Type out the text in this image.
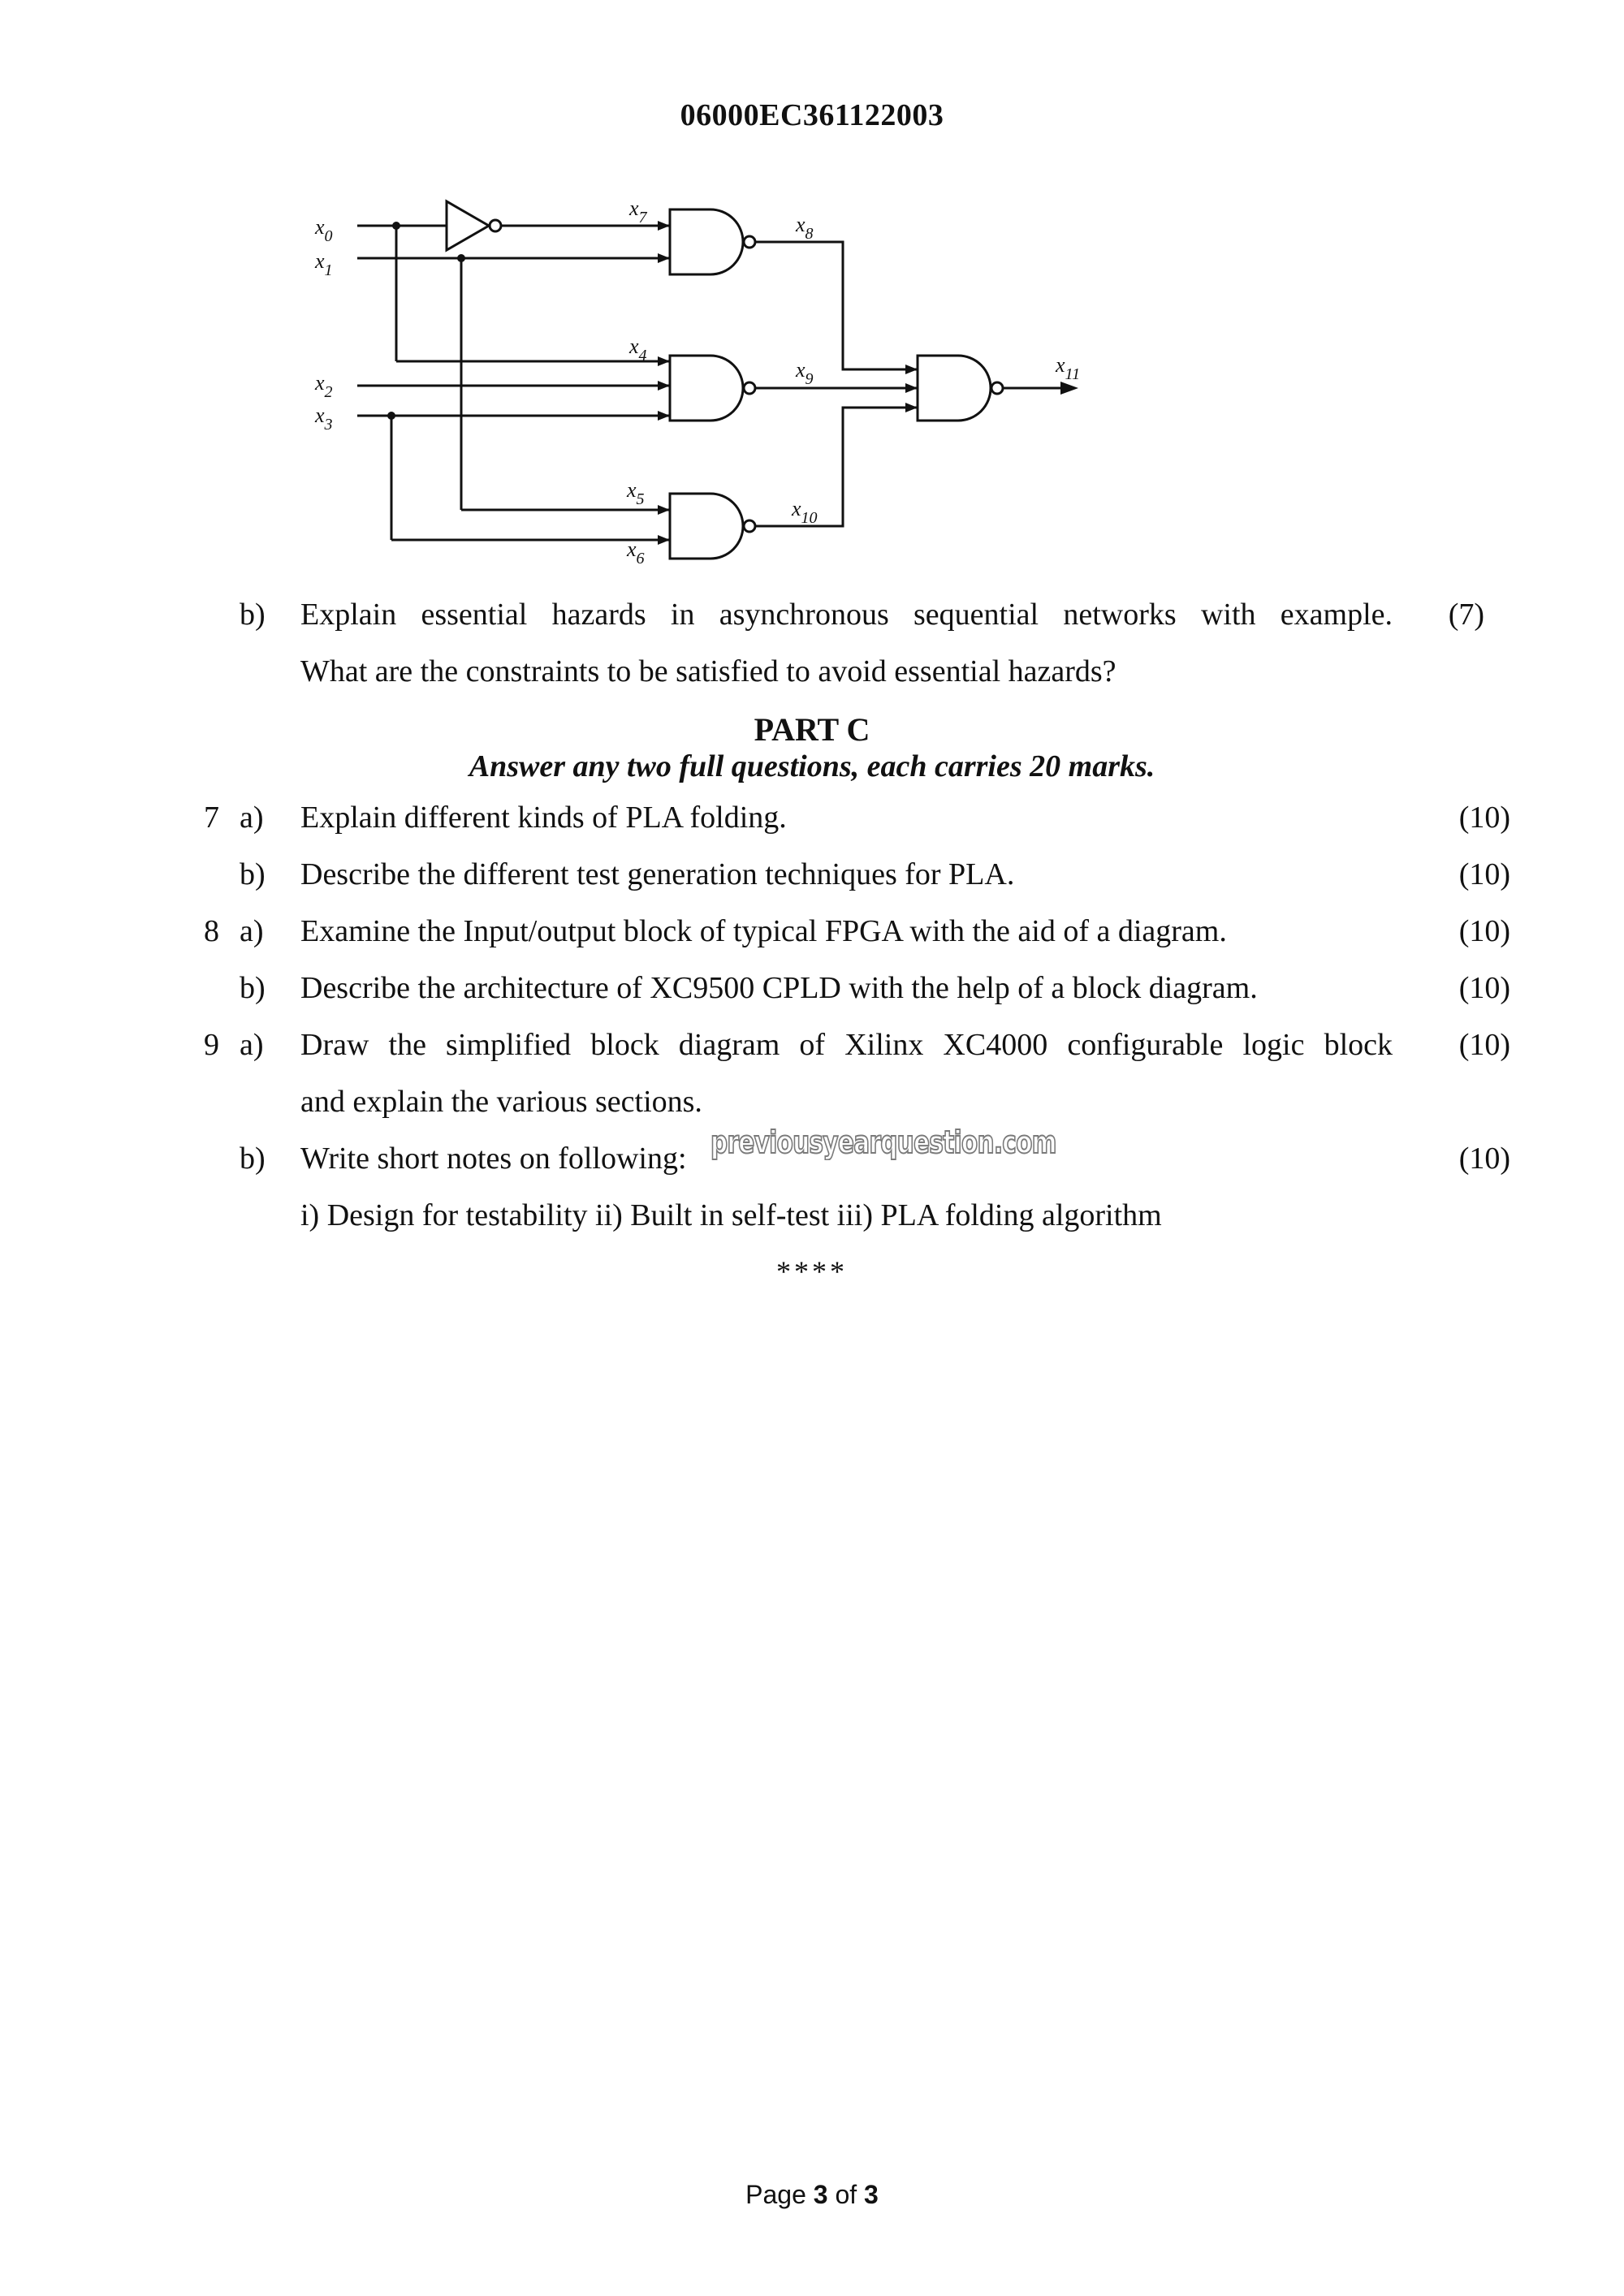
06000EC361122003
$x_0$
$x_1$
$x_2$
$x_3$
$x_4$
$x_5$
$x_6$
$x_7$	$x_8$
$x_9$
$x_{10}$
$x_{11}$
b)	Explain essential hazards in asynchronous sequential networks with example.	(7)
What are the constraints to be satisfied to avoid essential hazards?
PART C
Answer any two full questions, each carries 20 marks.
7 a)	Explain different kinds of PLA folding.	(10)
b)	Describe the different test generation techniques for PLA.	(10)
8 a)	Examine the Input/output block of typical FPGA with the aid of a diagram.	(10)
b)	Describe the architecture of XC9500 CPLD with the help of a block diagram.	(10)
9 a)	Draw the simplified block diagram of Xilinx XC4000 configurable logic block	(10)
and explain the various sections.
b)	Write short notes on following:	(10)
i) Design for testability ii) Built in self-test iii) PLA folding algorithm
previousyearquestion.com
****
Page 3 of 3
